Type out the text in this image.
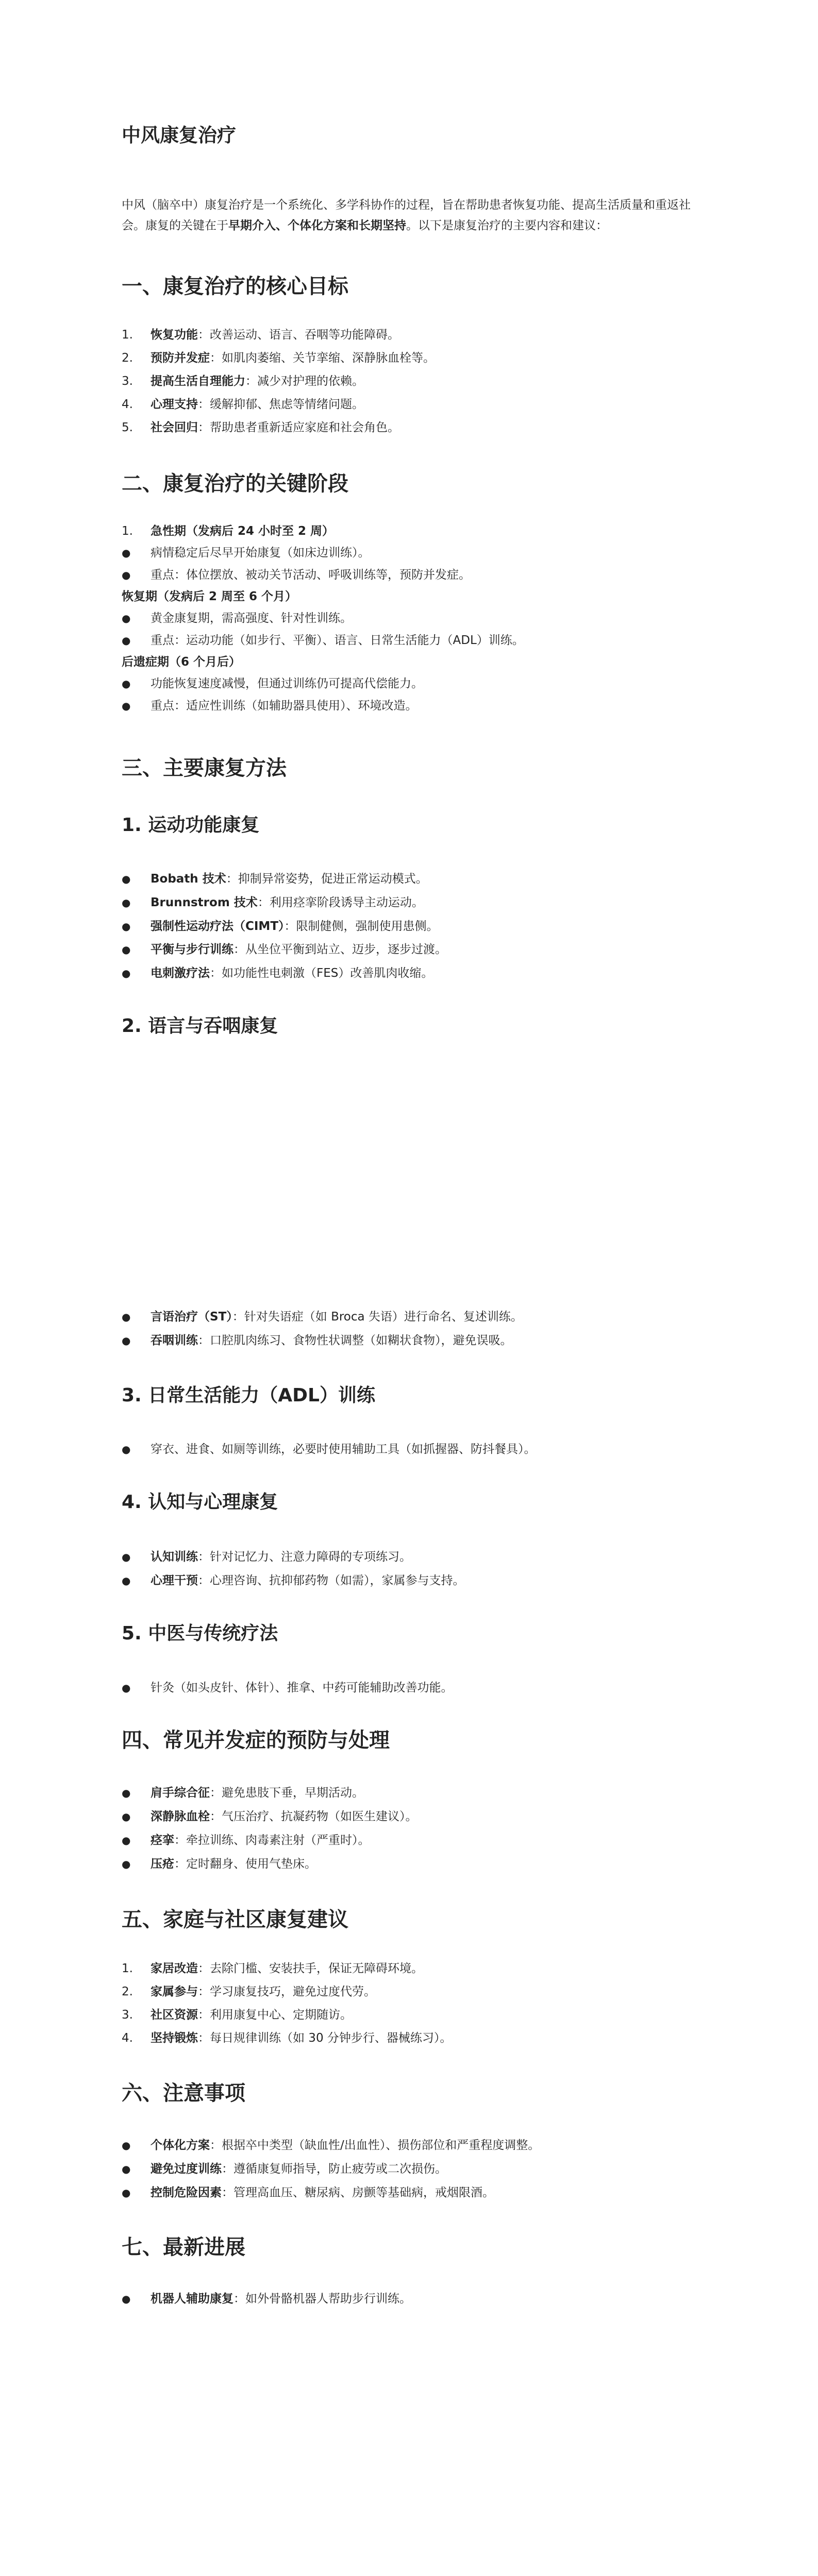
中风康复治疗

中风（脑卒中）康复治疗是一个系统化、多学科协作的过程，旨在帮助患者恢复功能、提高生活质量和重返社会。康复的关键在于早期介入、个体化方案和长期坚持。以下是康复治疗的主要内容和建议：

一、康复治疗的核心目标
1. 恢复功能：改善运动、语言、吞咽等功能障碍。
2. 预防并发症：如肌肉萎缩、关节挛缩、深静脉血栓等。
3. 提高生活自理能力：减少对护理的依赖。
4. 心理支持：缓解抑郁、焦虑等情绪问题。
5. 社会回归：帮助患者重新适应家庭和社会角色。
二、康复治疗的关键阶段
1. 急性期（发病后 24 小时至 2 周）
● 病情稳定后尽早开始康复（如床边训练）。
● 重点：体位摆放、被动关节活动、呼吸训练等，预防并发症。
恢复期（发病后 2 周至 6 个月）
● 黄金康复期，需高强度、针对性训练。
● 重点：运动功能（如步行、平衡）、语言、日常生活能力（ADL）训练。
后遗症期（6 个月后）
● 功能恢复速度减慢，但通过训练仍可提高代偿能力。
● 重点：适应性训练（如辅助器具使用）、环境改造。
三、主要康复方法
1. 运动功能康复
● Bobath 技术：抑制异常姿势，促进正常运动模式。
● Brunnstrom 技术：利用痉挛阶段诱导主动运动。
● 强制性运动疗法（CIMT）：限制健侧，强制使用患侧。
● 平衡与步行训练：从坐位平衡到站立、迈步，逐步过渡。
● 电刺激疗法：如功能性电刺激（FES）改善肌肉收缩。
2. 语言与吞咽康复
● 言语治疗（ST）：针对失语症（如 Broca 失语）进行命名、复述训练。
● 吞咽训练：口腔肌肉练习、食物性状调整（如糊状食物），避免误吸。
3. 日常生活能力（ADL）训练
● 穿衣、进食、如厕等训练，必要时使用辅助工具（如抓握器、防抖餐具）。
4. 认知与心理康复
● 认知训练：针对记忆力、注意力障碍的专项练习。
● 心理干预：心理咨询、抗抑郁药物（如需），家属参与支持。
5. 中医与传统疗法
● 针灸（如头皮针、体针）、推拿、中药可能辅助改善功能。
四、常见并发症的预防与处理
● 肩手综合征：避免患肢下垂，早期活动。
● 深静脉血栓：气压治疗、抗凝药物（如医生建议）。
● 痉挛：牵拉训练、肉毒素注射（严重时）。
● 压疮：定时翻身、使用气垫床。
五、家庭与社区康复建议
1. 家居改造：去除门槛、安装扶手，保证无障碍环境。
2. 家属参与：学习康复技巧，避免过度代劳。
3. 社区资源：利用康复中心、定期随访。
4. 坚持锻炼：每日规律训练（如 30 分钟步行、器械练习）。
六、注意事项
● 个体化方案：根据卒中类型（缺血性/出血性）、损伤部位和严重程度调整。
● 避免过度训练：遵循康复师指导，防止疲劳或二次损伤。
● 控制危险因素：管理高血压、糖尿病、房颤等基础病，戒烟限酒。
七、最新进展
● 机器人辅助康复：如外骨骼机器人帮助步行训练。
